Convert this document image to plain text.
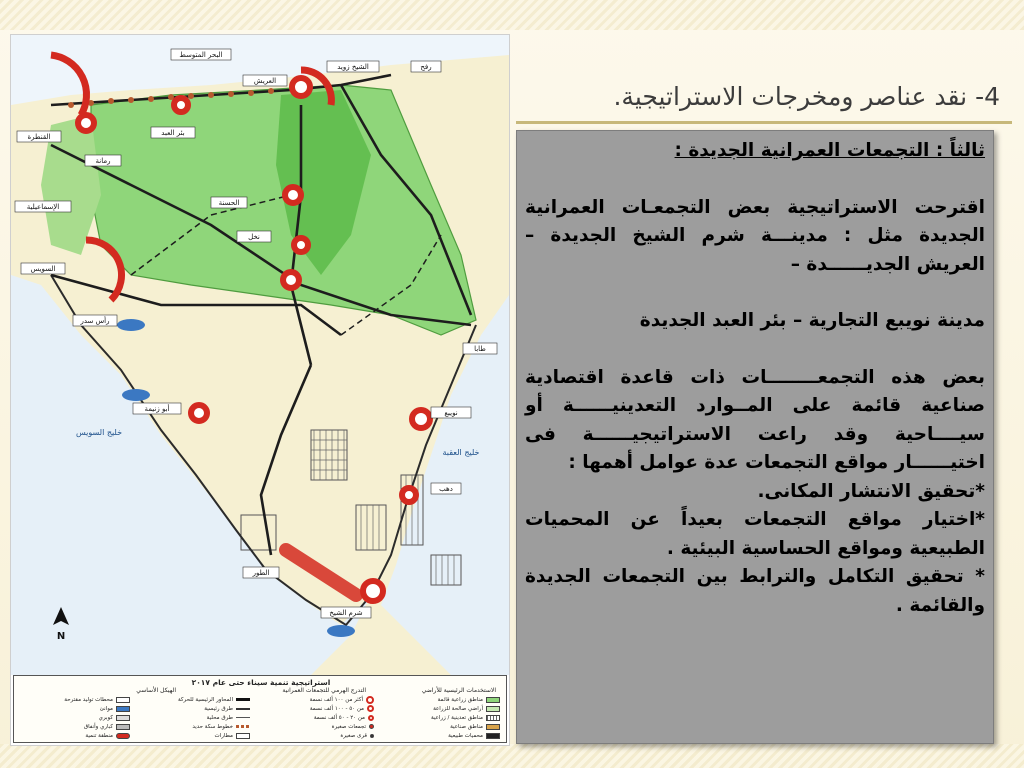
4- نقد عناصر ومخرجات الاستراتيجية.
البحر المتوسط
الشيخ زويد	رفح
العريش
بئر العبد
القنطرة
الإسماعيلية
السويس
نخل
طابا
نويبع
دهب
أبو زنيمة
الطور
شرم الشيخ
رأس سدر
خليج السويس
خليج العقبة
الحسنة
رمانة
N
استراتيجية تنمية سيناء حتى عام ٢٠١٧
الاستخدمات الرئيسية للأراضي
التدرج الهرمي للتجمعات العمرانية
الهيكل الأساسي
مناطق زراعية قائمة
أراضي صالحة للزراعة
مناطق تعدينية / زراعية
مناطق صناعية
محميات طبيعية
أكثر من ١٠٠ ألف نسمة
من ٥٠ - ١٠٠ ألف نسمة
من ٢٠ - ٥٠ ألف نسمة
تجمعات صغيرة
قرى صغيرة
المحاور الرئيسية للحركة
طرق رئيسية
طرق محلية
خطوط سكة حديد
مطارات
محطات توليد مقترحة
موانئ
كوبري
كباري وأنفاق
منطقة تنمية

ثالثاً : التجمعات العمرانية الجديدة :

اقترحت الاستراتيجية بعض التجمعـات العمرانية الجديدة مثل : مدينـــة شرم الشيخ الجديدة – العريش الجديــــــدة –

مدينة نويبع التجارية – بئر العبد الجديدة

بعض هذه التجمعــــــــات ذات قاعدة اقتصادية صناعية قائمة على المــوارد التعدينيــــــة أو سيــــاحية وقد راعت الاستراتيجيــــــة فى اختيــــــار مواقع التجمعات عدة عوامل أهمها :

*تحقيق الانتشار المكانى.

*اختيار مواقع التجمعات بعيداً عن المحميات الطبيعية ومواقع الحساسية البيئية .

* تحقيق التكامل والترابط بين التجمعات الجديدة والقائمة .
